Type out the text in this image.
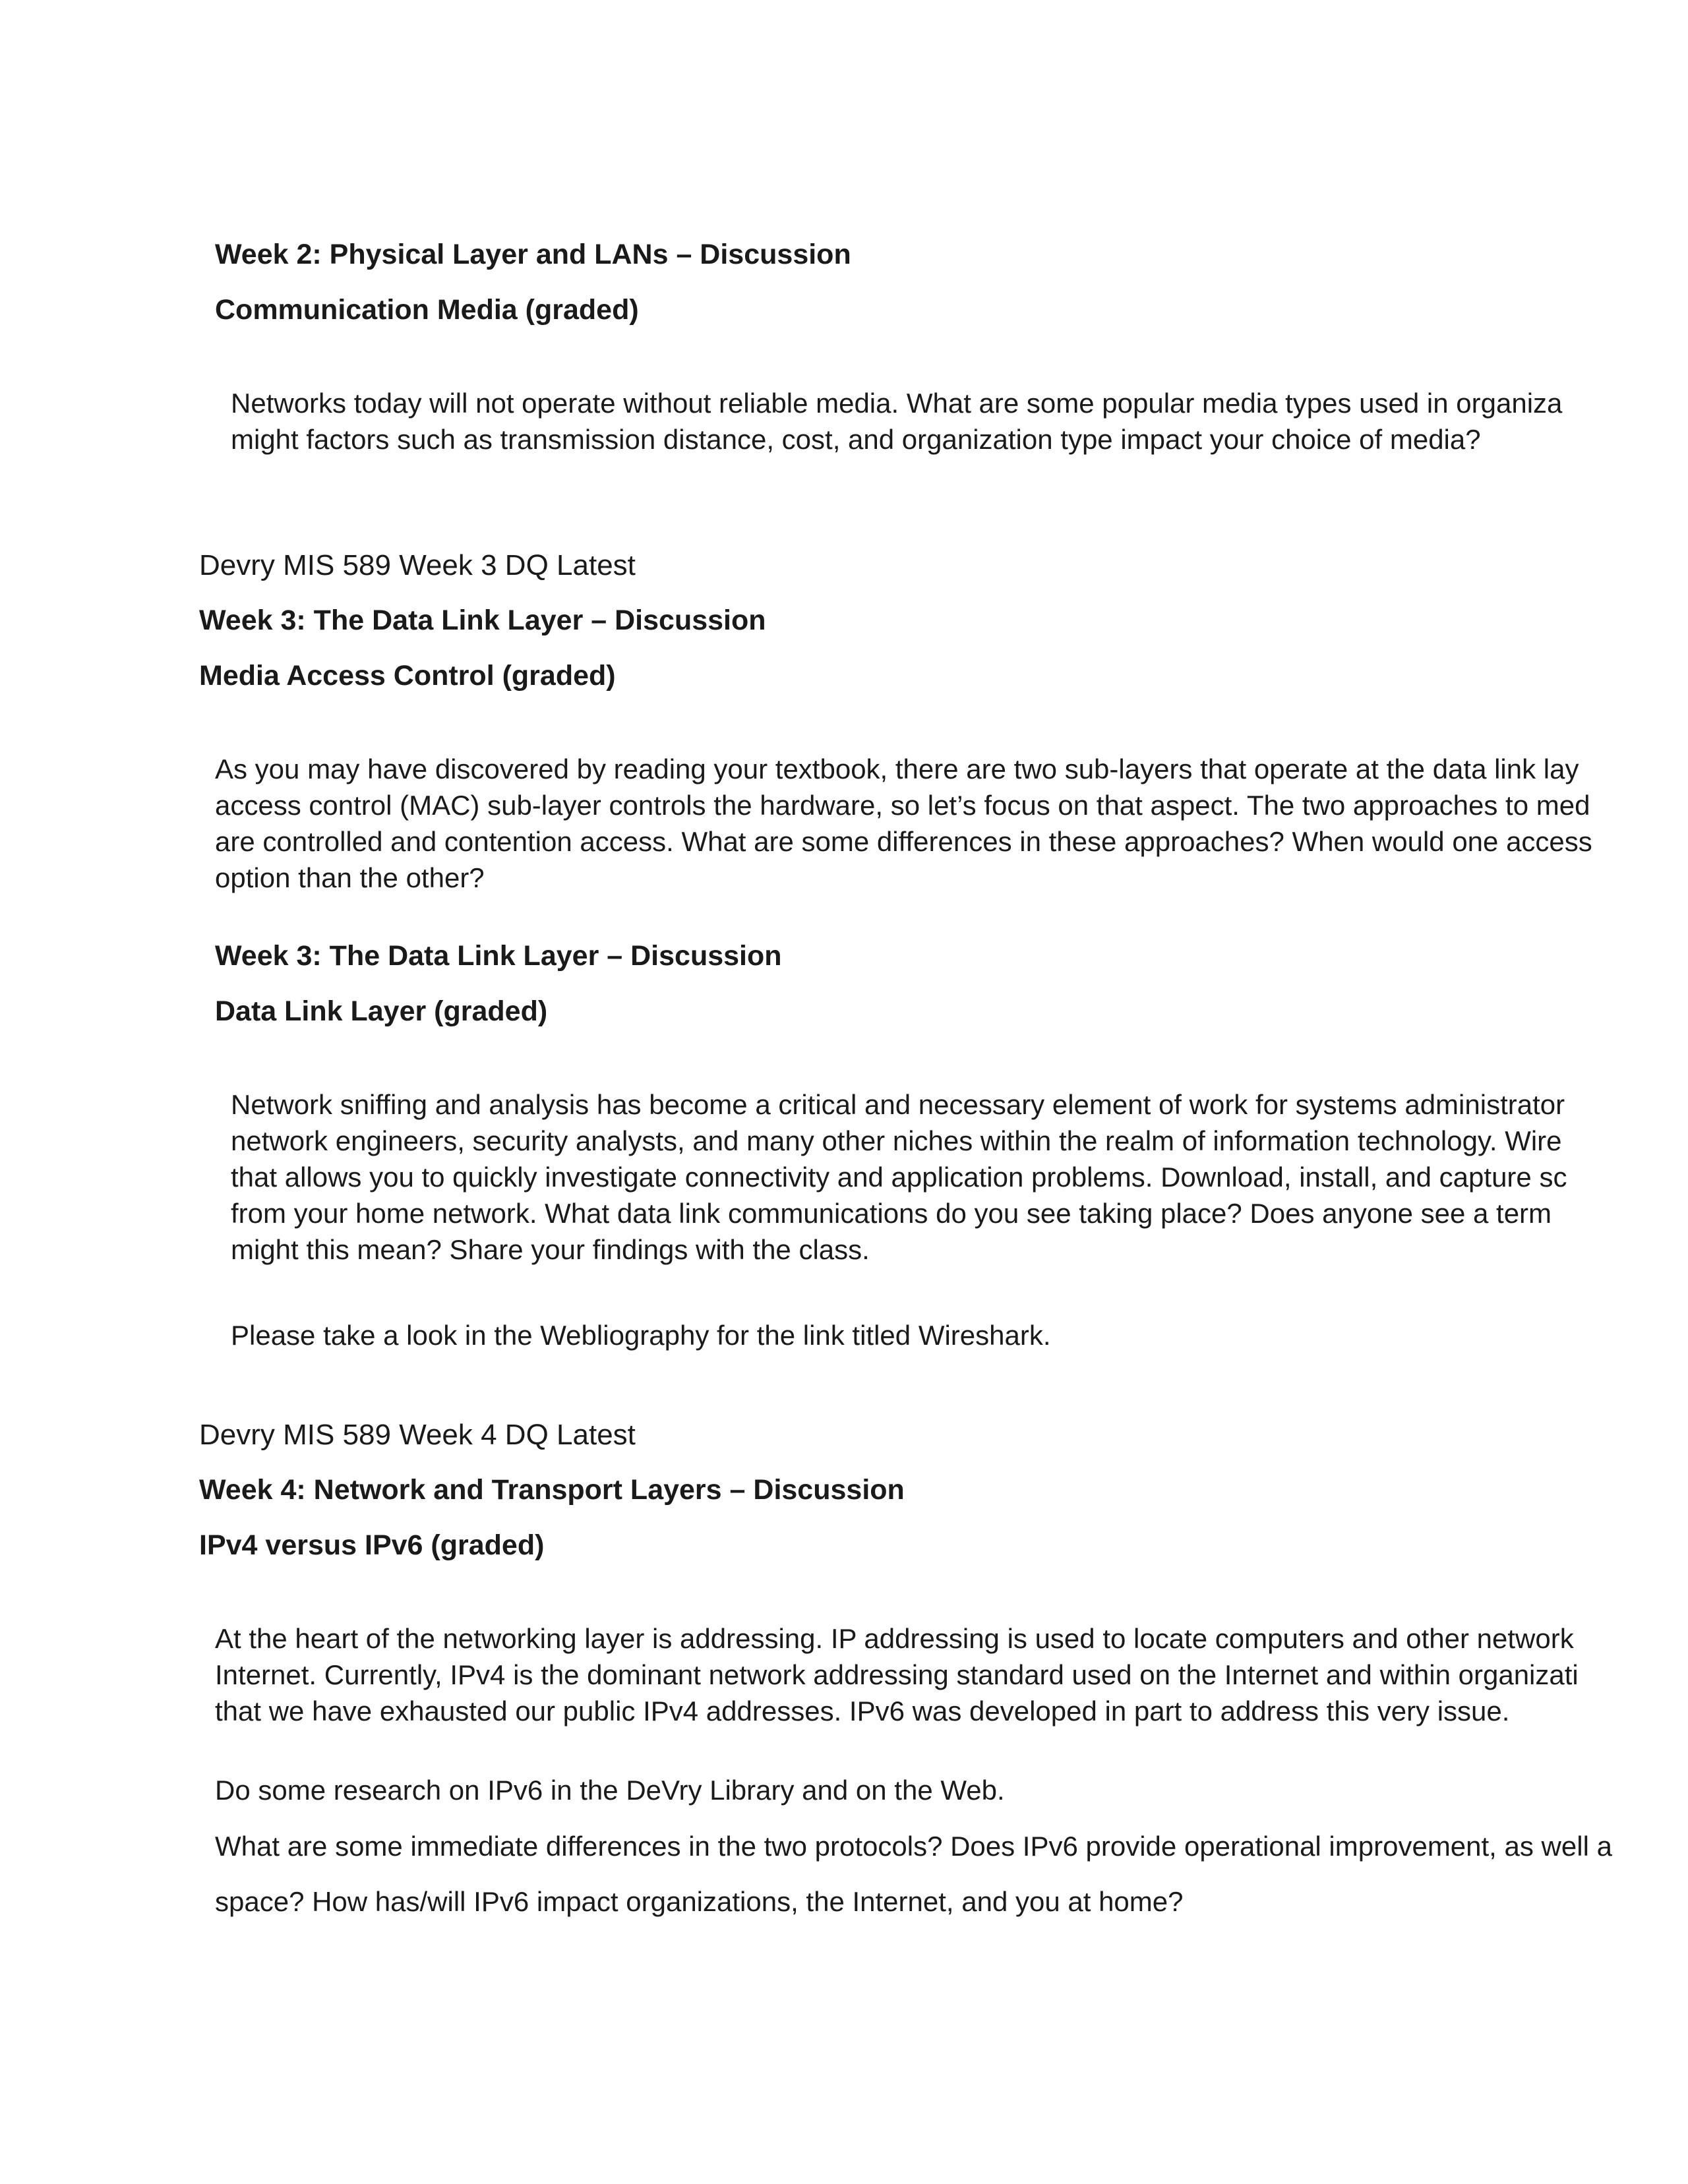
Week 2: Physical Layer and LANs – Discussion
Communication Media (graded)
Networks today will not operate without reliable media. What are some popular media types used in organiza
might factors such as transmission distance, cost, and organization type impact your choice of media?
Devry MIS 589 Week 3 DQ Latest
Week 3: The Data Link Layer – Discussion
Media Access Control (graded)
As you may have discovered by reading your textbook, there are two sub-layers that operate at the data link lay
access control (MAC) sub-layer controls the hardware, so let’s focus on that aspect. The two approaches to med
are controlled and contention access. What are some differences in these approaches? When would one access
option than the other?
Week 3: The Data Link Layer – Discussion
Data Link Layer (graded)
Network sniffing and analysis has become a critical and necessary element of work for systems administrator
network engineers, security analysts, and many other niches within the realm of information technology. Wire
that allows you to quickly investigate connectivity and application problems. Download, install, and capture sc
from your home network. What data link communications do you see taking place? Does anyone see a term
might this mean? Share your findings with the class.
Please take a look in the Webliography for the link titled Wireshark.
Devry MIS 589 Week 4 DQ Latest
Week 4: Network and Transport Layers – Discussion
IPv4 versus IPv6 (graded)
At the heart of the networking layer is addressing. IP addressing is used to locate computers and other network
Internet. Currently, IPv4 is the dominant network addressing standard used on the Internet and within organizati
that we have exhausted our public IPv4 addresses. IPv6 was developed in part to address this very issue.
Do some research on IPv6 in the DeVry Library and on the Web.
What are some immediate differences in the two protocols? Does IPv6 provide operational improvement, as well a
space? How has/will IPv6 impact organizations, the Internet, and you at home?
